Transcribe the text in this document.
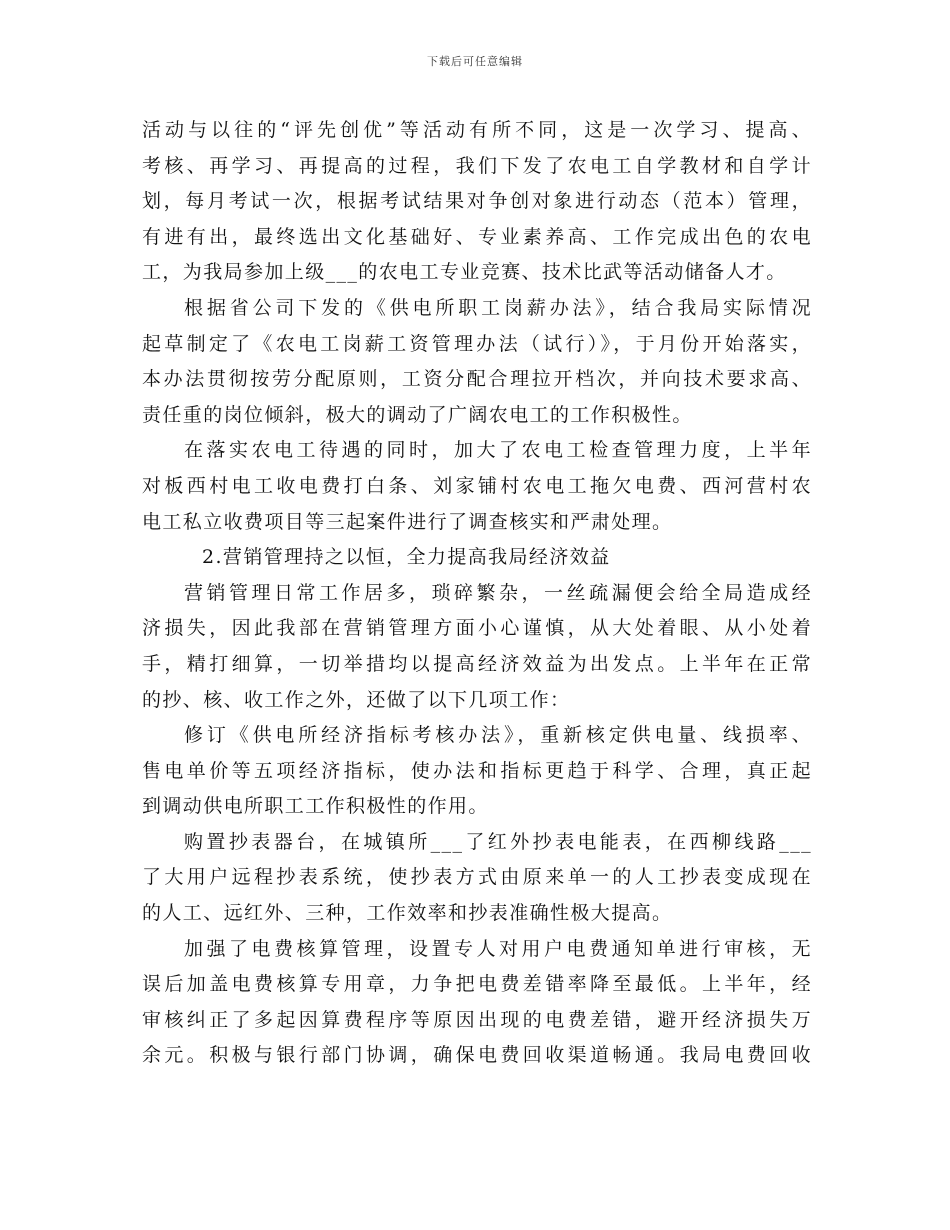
下载后可任意编辑
活动与以往的“评先创优”等活动有所不同，这是一次学习、提高、
考核、再学习、再提高的过程，我们下发了农电工自学教材和自学计
划，每月考试一次，根据考试结果对争创对象进行动态（范本）管理，
有进有出，最终选出文化基础好、专业素养高、工作完成出色的农电
工，为我局参加上级___的农电工专业竞赛、技术比武等活动储备人才。
根据省公司下发的《供电所职工岗薪办法》，结合我局实际情况
起草制定了《农电工岗薪工资管理办法（试行）》，于月份开始落实，
本办法贯彻按劳分配原则，工资分配合理拉开档次，并向技术要求高、
责任重的岗位倾斜，极大的调动了广阔农电工的工作积极性。
在落实农电工待遇的同时，加大了农电工检查管理力度，上半年
对板西村电工收电费打白条、刘家铺村农电工拖欠电费、西河营村农
电工私立收费项目等三起案件进行了调查核实和严肃处理。
2.营销管理持之以恒，全力提高我局经济效益
营销管理日常工作居多，琐碎繁杂，一丝疏漏便会给全局造成经
济损失，因此我部在营销管理方面小心谨慎，从大处着眼、从小处着
手，精打细算，一切举措均以提高经济效益为出发点。上半年在正常
的抄、核、收工作之外，还做了以下几项工作：
修订《供电所经济指标考核办法》，重新核定供电量、线损率、
售电单价等五项经济指标，使办法和指标更趋于科学、合理，真正起
到调动供电所职工工作积极性的作用。
购置抄表器台，在城镇所___了红外抄表电能表，在西柳线路___
了大用户远程抄表系统，使抄表方式由原来单一的人工抄表变成现在
的人工、远红外、三种，工作效率和抄表准确性极大提高。
加强了电费核算管理，设置专人对用户电费通知单进行审核，无
误后加盖电费核算专用章，力争把电费差错率降至最低。上半年，经
审核纠正了多起因算费程序等原因出现的电费差错，避开经济损失万
余元。积极与银行部门协调，确保电费回收渠道畅通。我局电费回收
